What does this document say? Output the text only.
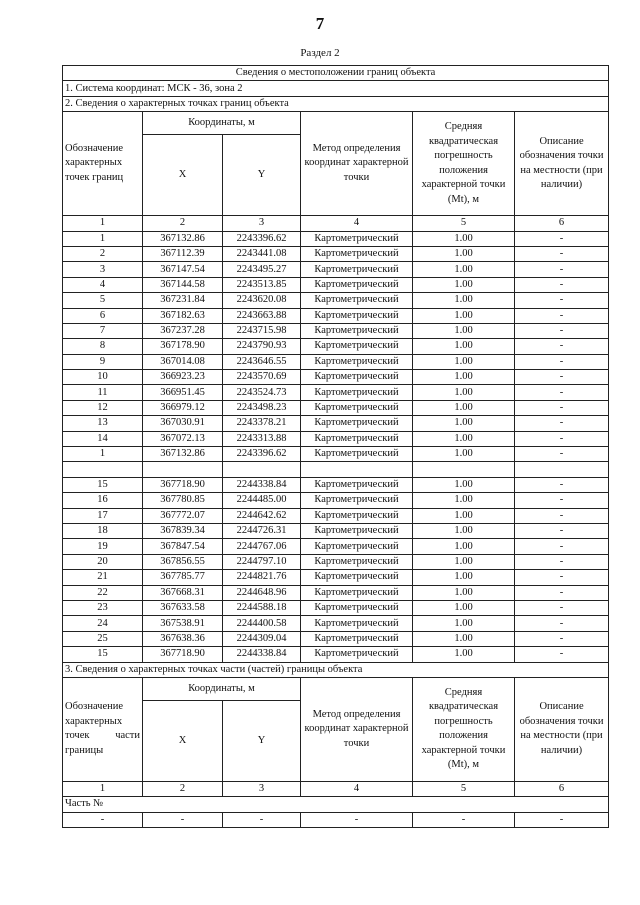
7
Раздел 2
Сведения о местоположении границ объекта					
1. Система координат: МСК - 36, зона 2					
2. Сведения о характерных точках границ объекта					

Обозначение характерных точек границ	Координаты, м		Метод определения координат характерной точки	Средняя квадратическая погрешность положения характерной точки (Mt), м	Описание обозначения точки на местности (при наличии)

	X	Y			
1	2	3	4	5	6
1	367132.86	2243396.62	Картометрический	1.00	-
2	367112.39	2243441.08	Картометрический	1.00	-
3	367147.54	2243495.27	Картометрический	1.00	-
4	367144.58	2243513.85	Картометрический	1.00	-
5	367231.84	2243620.08	Картометрический	1.00	-
6	367182.63	2243663.88	Картометрический	1.00	-
7	367237.28	2243715.98	Картометрический	1.00	-
8	367178.90	2243790.93	Картометрический	1.00	-
9	367014.08	2243646.55	Картометрический	1.00	-
10	366923.23	2243570.69	Картометрический	1.00	-
11	366951.45	2243524.73	Картометрический	1.00	-
12	366979.12	2243498.23	Картометрический	1.00	-
13	367030.91	2243378.21	Картометрический	1.00	-
14	367072.13	2243313.88	Картометрический	1.00	-
1	367132.86	2243396.62	Картометрический	1.00	-

15	367718.90	2244338.84	Картометрический	1.00	-
16	367780.85	2244485.00	Картометрический	1.00	-
17	367772.07	2244642.62	Картометрический	1.00	-
18	367839.34	2244726.31	Картометрический	1.00	-
19	367847.54	2244767.06	Картометрический	1.00	-
20	367856.55	2244797.10	Картометрический	1.00	-
21	367785.77	2244821.76	Картометрический	1.00	-
22	367668.31	2244648.96	Картометрический	1.00	-
23	367633.58	2244588.18	Картометрический	1.00	-
24	367538.91	2244400.58	Картометрический	1.00	-
25	367638.36	2244309.04	Картометрический	1.00	-
15	367718.90	2244338.84	Картометрический	1.00	-
3. Сведения о характерных точках части (частей) границы объекта					

Обозначение характерных точек части границы	Координаты, м		Метод определения координат характерной точки	Средняя квадратическая погрешность положения характерной точки (Mt), м	Описание обозначения точки на местности (при наличии)

	X	Y			
1	2	3	4	5	6
Часть №					
-	-	-	-	-	-
